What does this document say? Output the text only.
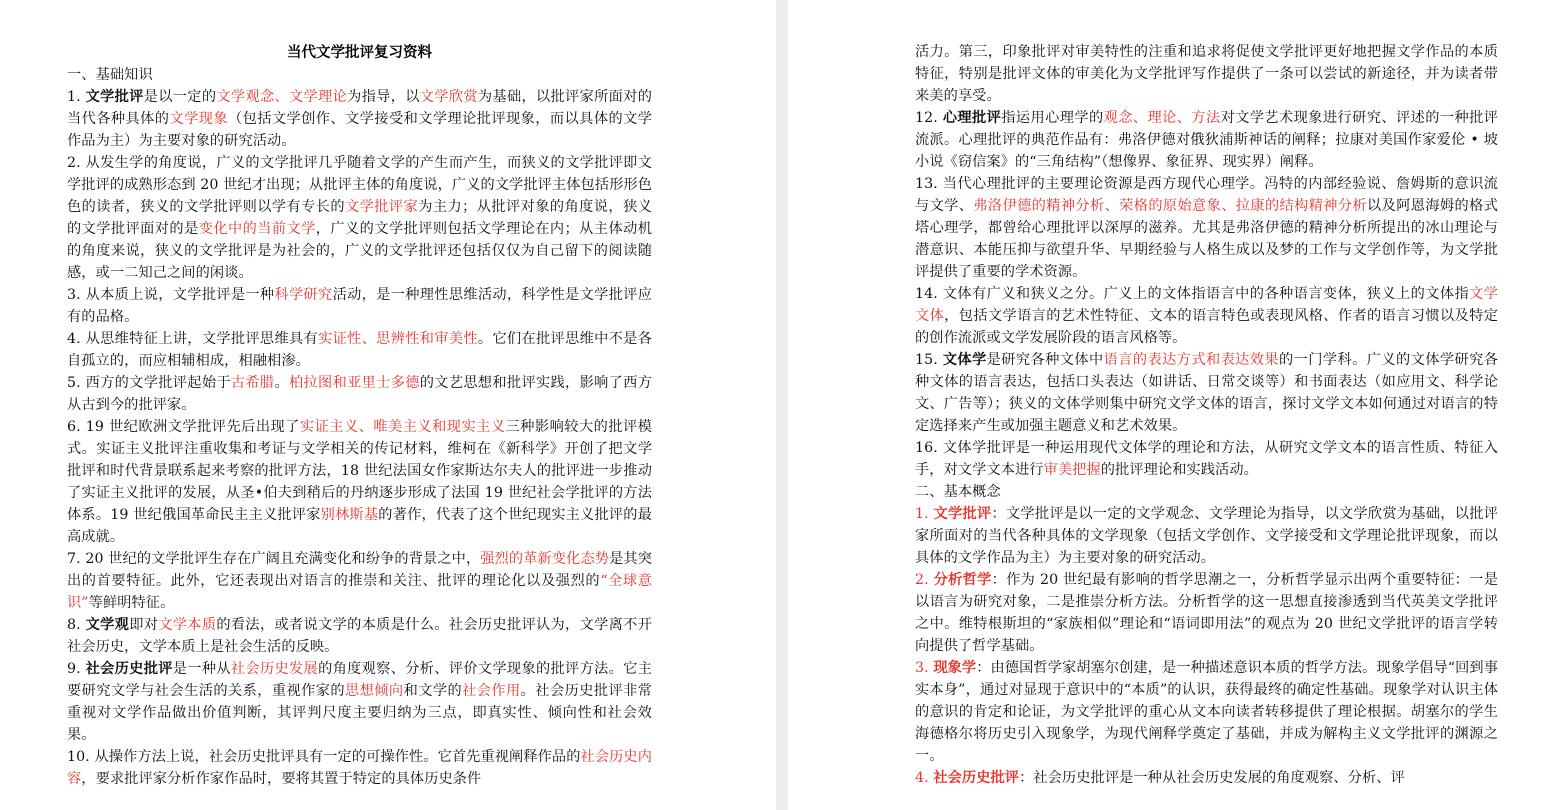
当代文学批评复习资料
一、基础知识

1. 文学批评是以一定的文学观念、文学理论为指导，以文学欣赏为基础，以批评家所面对的当代各种具体的文学现象（包括文学创作、文学接受和文学理论批评现象，而以具体的文学作品为主）为主要对象的研究活动。

2. 从发生学的角度说，广义的文学批评几乎随着文学的产生而产生，而狭义的文学批评即文学批评的成熟形态到 20 世纪才出现；从批评主体的角度说，广义的文学批评主体包括形形色色的读者，狭义的文学批评则以学有专长的文学批评家为主力；从批评对象的角度说，狭义的文学批评面对的是变化中的当前文学，广义的文学批评则包括文学理论在内；从主体动机的角度来说，狭义的文学批评是为社会的，广义的文学批评还包括仅仅为自己留下的阅读随感，或一二知己之间的闲谈。

3. 从本质上说，文学批评是一种科学研究活动，是一种理性思维活动，科学性是文学批评应有的品格。

4. 从思维特征上讲，文学批评思维具有实证性、思辨性和审美性。它们在批评思维中不是各自孤立的，而应相辅相成，相融相渗。

5. 西方的文学批评起始于古希腊。柏拉图和亚里士多德的文艺思想和批评实践，影响了西方从古到今的批评家。

6. 19 世纪欧洲文学批评先后出现了实证主义、唯美主义和现实主义三种影响较大的批评模式。实证主义批评注重收集和考证与文学相关的传记材料，维柯在《新科学》开创了把文学批评和时代背景联系起来考察的批评方法，18 世纪法国女作家斯达尔夫人的批评进一步推动了实证主义批评的发展，从圣•伯夫到稍后的丹纳逐步形成了法国 19 世纪社会学批评的方法体系。19 世纪俄国革命民主主义批评家别林斯基的著作，代表了这个世纪现实主义批评的最高成就。

7. 20 世纪的文学批评生存在广阔且充满变化和纷争的背景之中，强烈的革新变化态势是其突出的首要特征。此外，它还表现出对语言的推崇和关注、批评的理论化以及强烈的“全球意识”等鲜明特征。

8. 文学观即对文学本质的看法，或者说文学的本质是什么。社会历史批评认为，文学离不开社会历史，文学本质上是社会生活的反映。

9. 社会历史批评是一种从社会历史发展的角度观察、分析、评价文学现象的批评方法。它主要研究文学与社会生活的关系，重视作家的思想倾向和文学的社会作用。社会历史批评非常重视对文学作品做出价值判断，其评判尺度主要归纳为三点，即真实性、倾向性和社会效果。

10. 从操作方法上说，社会历史批评具有一定的可操作性。它首先重视阐释作品的社会历史内容，要求批评家分析作家作品时，要将其置于特定的具体历史条件

活力。第三，印象批评对审美特性的注重和追求将促使文学批评更好地把握文学作品的本质特征，特别是批评文体的审美化为文学批评写作提供了一条可以尝试的新途径，并为读者带来美的享受。

12. 心理批评指运用心理学的观念、理论、方法对文学艺术现象进行研究、评述的一种批评流派。心理批评的典范作品有：弗洛伊德对俄狄浦斯神话的阐释；拉康对美国作家爱伦 • 坡小说《窃信案》的“三角结构”（想像界、象征界、现实界）阐释。

13. 当代心理批评的主要理论资源是西方现代心理学。冯特的内部经验说、詹姆斯的意识流与文学、弗洛伊德的精神分析、荣格的原始意象、拉康的结构精神分析以及阿恩海姆的格式塔心理学，都曾给心理批评以深厚的滋养。尤其是弗洛伊德的精神分析所提出的冰山理论与潜意识、本能压抑与欲望升华、早期经验与人格生成以及梦的工作与文学创作等，为文学批评提供了重要的学术资源。

14. 文体有广义和狭义之分。广义上的文体指语言中的各种语言变体，狭义上的文体指文学文体，包括文学语言的艺术性特征、文本的语言特色或表现风格、作者的语言习惯以及特定的创作流派或文学发展阶段的语言风格等。

15. 文体学是研究各种文体中语言的表达方式和表达效果的一门学科。广义的文体学研究各种文体的语言表达，包括口头表达（如讲话、日常交谈等）和书面表达（如应用文、科学论文、广告等）；狭义的文体学则集中研究文学文体的语言，探讨文学文本如何通过对语言的特定选择来产生或加强主题意义和艺术效果。

16. 文体学批评是一种运用现代文体学的理论和方法，从研究文学文本的语言性质、特征入手，对文学文本进行审美把握的批评理论和实践活动。

二、基本概念

1. 文学批评：文学批评是以一定的文学观念、文学理论为指导，以文学欣赏为基础，以批评家所面对的当代各种具体的文学现象（包括文学创作、文学接受和文学理论批评现象，而以具体的文学作品为主）为主要对象的研究活动。

2. 分析哲学：作为 20 世纪最有影响的哲学思潮之一，分析哲学显示出两个重要特征：一是以语言为研究对象，二是推崇分析方法。分析哲学的这一思想直接渗透到当代英美文学批评之中。维特根斯坦的“家族相似”理论和“语词即用法”的观点为 20 世纪文学批评的语言学转向提供了哲学基础。

3. 现象学：由德国哲学家胡塞尔创建，是一种描述意识本质的哲学方法。现象学倡导“回到事实本身”，通过对显现于意识中的“本质”的认识，获得最终的确定性基础。现象学对认识主体的意识的肯定和论证，为文学批评的重心从文本向读者转移提供了理论根据。胡塞尔的学生海德格尔将历史引入现象学，为现代阐释学奠定了基础，并成为解构主义文学批评的渊源之一。

4. 社会历史批评：社会历史批评是一种从社会历史发展的角度观察、分析、评
